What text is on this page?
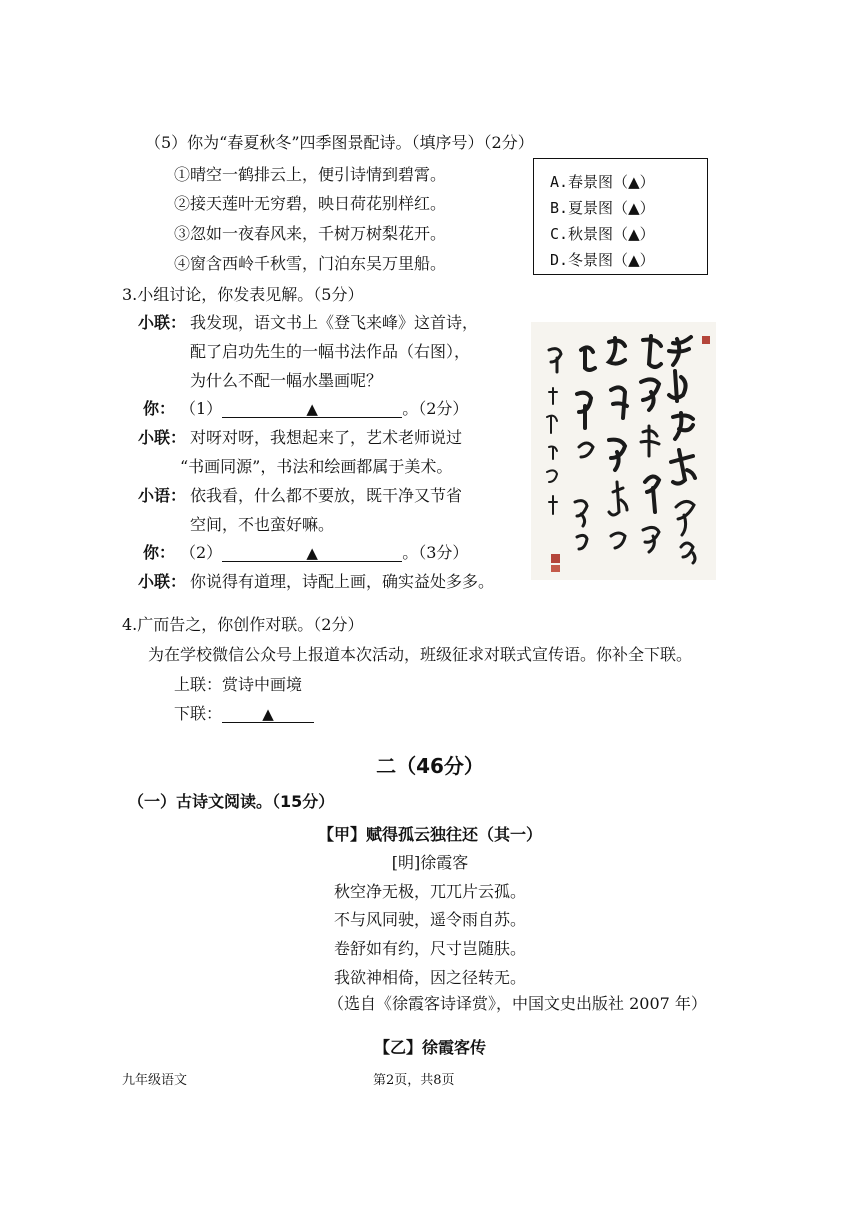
（5）你为“春夏秋冬”四季图景配诗。（填序号）（2分）
①晴空一鹤排云上，便引诗情到碧霄。
②接天莲叶无穷碧，映日荷花别样红。
③忽如一夜春风来，千树万树梨花开。
④窗含西岭千秋雪，门泊东吴万里船。
A.春景图（▲）
B.夏景图（▲）
C.秋景图（▲）
D.冬景图（▲）
3.小组讨论，你发表见解。（5分）
小联： 我发现，语文书上《登飞来峰》这首诗，
配了启功先生的一幅书法作品（右图），
为什么不配一幅水墨画呢？
你： （1）	▲	。（2分）
小联： 对呀对呀，我想起来了，艺术老师说过
“书画同源”，书法和绘画都属于美术。
小语： 依我看，什么都不要放，既干净又节省
空间，不也蛮好嘛。
你： （2）	▲	。（3分）
小联： 你说得有道理，诗配上画，确实益处多多。
4.广而告之，你创作对联。（2分）
为在学校微信公众号上报道本次活动，班级征求对联式宣传语。你补全下联。
上联：赏诗中画境
下联：	▲
二（46分）
（一）古诗文阅读。（15分）
【甲】赋得孤云独往还（其一）
[明]徐霞客
秋空净无极，兀兀片云孤。
不与风同驶，遥令雨自苏。
卷舒如有约，尺寸岂随肤。
我欲神相倚，因之径转无。
（选自《徐霞客诗译赏》，中国文史出版社 2007 年）
【乙】徐霞客传
九年级语文	第2页，共8页
